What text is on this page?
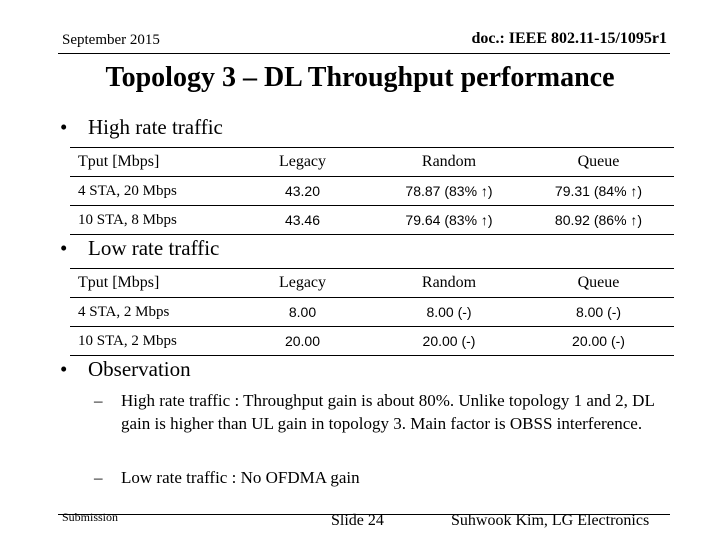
September 2015	doc.: IEEE 802.11-15/1095r1
Topology 3 – DL Throughput performance
• High rate traffic
Tput [Mbps]	Legacy	Random	Queue
4 STA, 20 Mbps	43.20	78.87 (83% ↑)	79.31 (84% ↑)
10 STA, 8 Mbps	43.46	79.64 (83% ↑)	80.92 (86% ↑)
• Low rate traffic
Tput [Mbps]	Legacy	Random	Queue
4 STA, 2 Mbps	8.00	8.00 (-)	8.00 (-)
10 STA, 2 Mbps	20.00	20.00 (-)	20.00 (-)
• Observation
– High rate traffic : Throughput gain is about 80%. Unlike topology 1 and 2, DL gain is higher than UL gain in topology 3. Main factor is OBSS interference.
– Low rate traffic : No OFDMA gain
Submission	Slide 24	Suhwook Kim, LG Electronics
